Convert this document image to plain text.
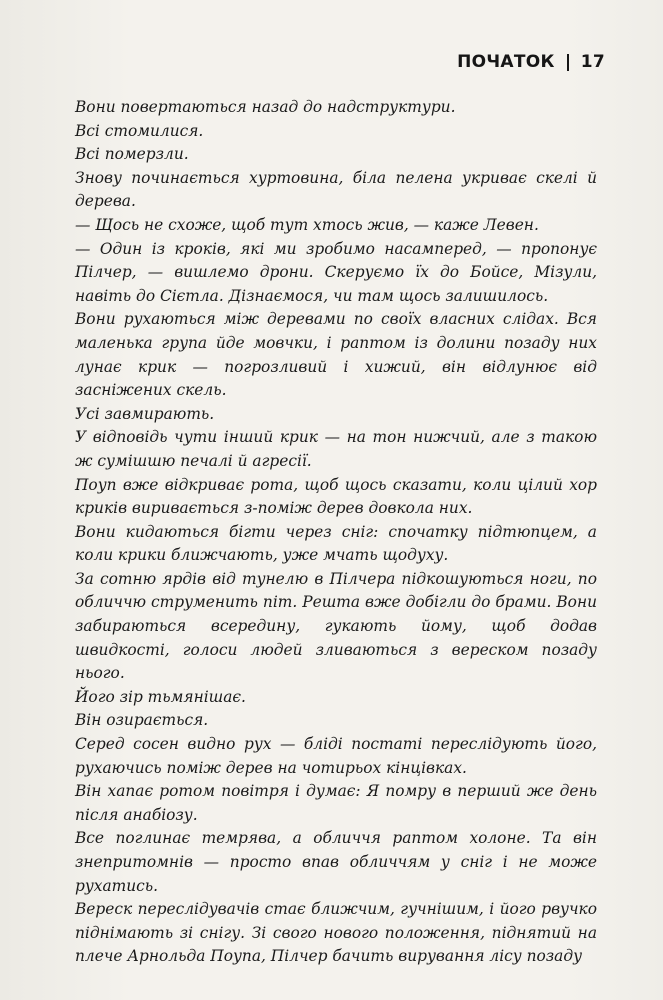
ПОЧАТОК 17

Вони повертаються назад до надструктури.

Всі стомилися.

Всі померзли.

Знову починається хуртовина, біла пелена укриває скелі й дерева.

— Щось не схоже, щоб тут хтось жив, — каже Левен.

— Один із кроків, які ми зробимо насамперед, — пропонує Пілчер, — вишлемо дрони. Скеруємо їх до Бойсе, Мізули, навіть до Сієтла. Дізнаємося, чи там щось залишилось.

Вони рухаються між деревами по своїх власних слідах. Вся маленька група йде мовчки, і раптом із долини позаду них лунає крик — погрозливий і хижий, він відлунює від засніжених скель.

Усі завмирають.

У відповідь чути інший крик — на тон нижчий, але з такою ж сумішшю печалі й агресії.

Поуп вже відкриває рота, щоб щось сказати, коли цілий хор криків виривається з-поміж дерев довкола них.

Вони кидаються бігти через сніг: спочатку підтюпцем, а коли крики ближчають, уже мчать щодуху.

За сотню ярдів від тунелю в Пілчера підкошуються ноги, по обличчю струменить піт. Решта вже добігли до брами. Вони забираються всередину, гукають йому, щоб додав швидкості, голоси людей зливаються з вереском позаду нього.

Його зір тьмянішає.

Він озирається.

Серед сосен видно рух — бліді постаті переслідують його, рухаючись поміж дерев на чотирьох кінцівках.

Він хапає ротом повітря і думає: Я помру в перший же день після анабіозу.

Все поглинає темрява, а обличчя раптом холоне. Та він знепритомнів — просто впав обличчям у сніг і не може рухатись.

Вереск переслідувачів стає ближчим, гучнішим, і його рвучко піднімають зі снігу. Зі свого нового положення, піднятий на плече Арнольда Поупа, Пілчер бачить вирування лісу позаду
